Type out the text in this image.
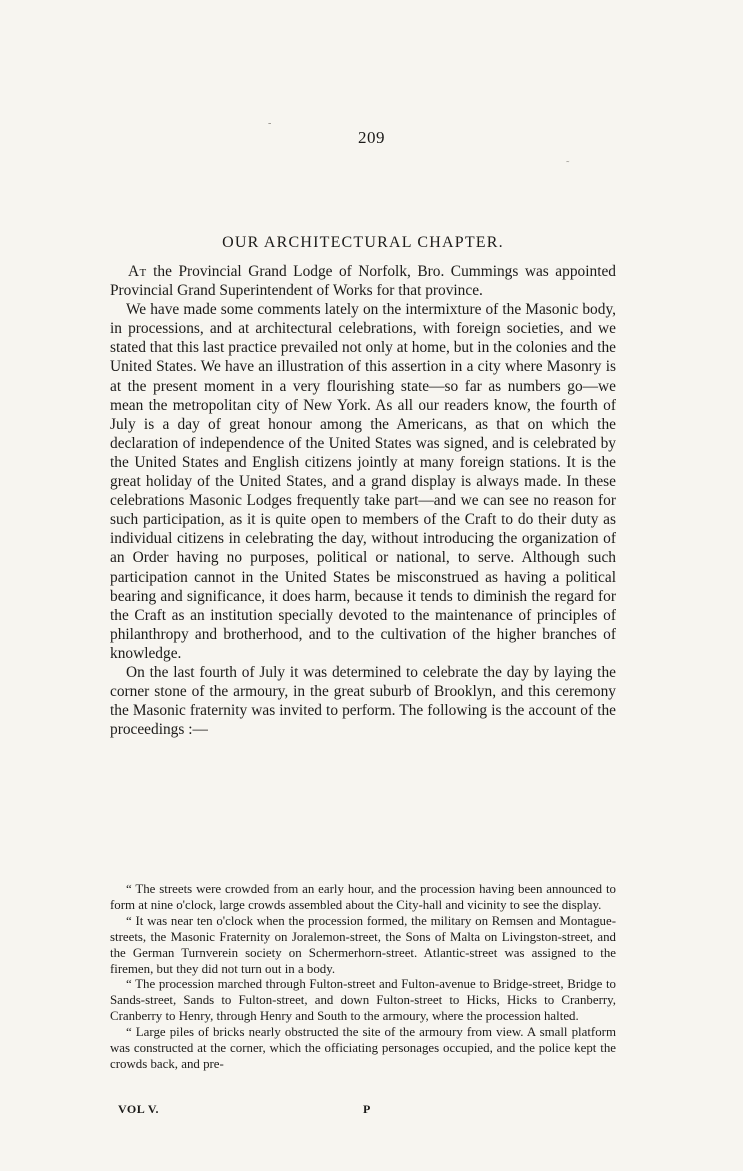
-
˜
209
OUR ARCHITECTURAL CHAPTER.

At the Provincial Grand Lodge of Norfolk, Bro. Cummings was appointed Provincial Grand Superintendent of Works for that province.

We have made some comments lately on the intermixture of the Masonic body, in processions, and at architectural celebrations, with foreign societies, and we stated that this last practice prevailed not only at home, but in the colonies and the United States. We have an illustration of this assertion in a city where Masonry is at the present moment in a very flourishing state—so far as numbers go—we mean the metropolitan city of New York. As all our readers know, the fourth of July is a day of great honour among the Americans, as that on which the declaration of independence of the United States was signed, and is celebrated by the United States and English citizens jointly at many foreign stations. It is the great holiday of the United States, and a grand display is always made. In these celebrations Masonic Lodges frequently take part—and we can see no reason for such participation, as it is quite open to members of the Craft to do their duty as individual citizens in celebrating the day, without introducing the organization of an Order having no purposes, political or national, to serve. Although such participation cannot in the United States be misconstrued as having a political bearing and significance, it does harm, because it tends to diminish the regard for the Craft as an institution specially devoted to the maintenance of principles of philanthropy and brotherhood, and to the cultivation of the higher branches of knowledge.

On the last fourth of July it was determined to celebrate the day by laying the corner stone of the armoury, in the great suburb of Brooklyn, and this ceremony the Masonic fraternity was invited to perform. The following is the account of the proceedings :—

“ The streets were crowded from an early hour, and the procession having been announced to form at nine o'clock, large crowds assembled about the City-hall and vicinity to see the display.

“ It was near ten o'clock when the procession formed, the military on Remsen and Montague-streets, the Masonic Fraternity on Joralemon-street, the Sons of Malta on Livingston-street, and the German Turnverein society on Schermerhorn-street. Atlantic-street was assigned to the firemen, but they did not turn out in a body.

“ The procession marched through Fulton-street and Fulton-avenue to Bridge-street, Bridge to Sands-street, Sands to Fulton-street, and down Fulton-street to Hicks, Hicks to Cranberry, Cranberry to Henry, through Henry and South to the armoury, where the procession halted.

“ Large piles of bricks nearly obstructed the site of the armoury from view. A small platform was constructed at the corner, which the officiating personages occupied, and the police kept the crowds back, and pre-

VOL V.	P
